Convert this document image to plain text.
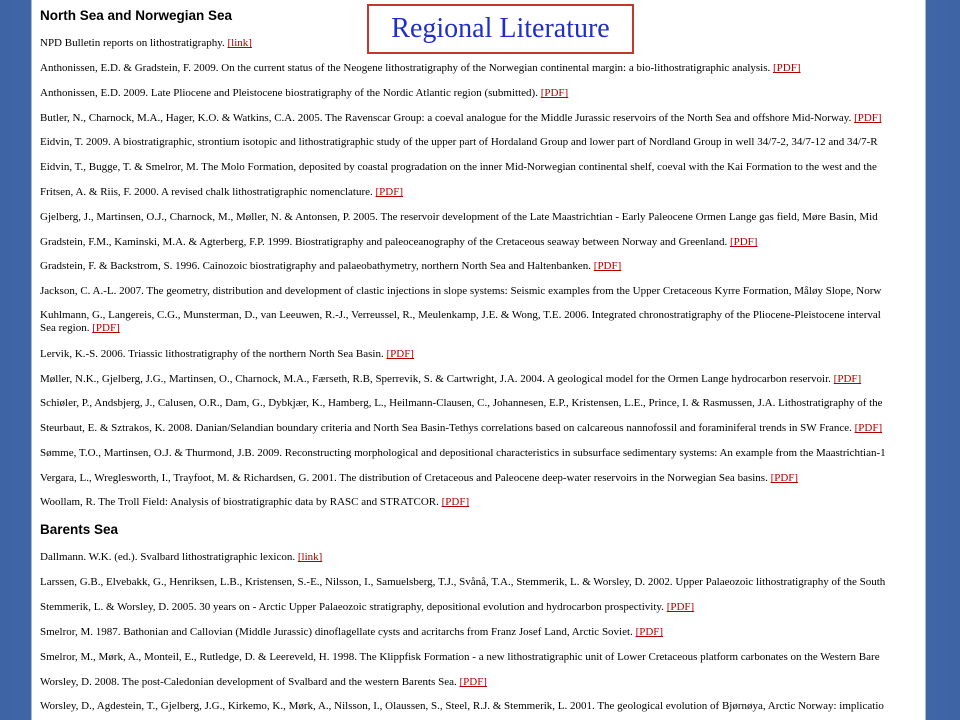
North Sea and Norwegian Sea
NPD Bulletin reports on lithostratigraphy. [link]
Anthonissen, E.D. & Gradstein, F. 2009. On the current status of the Neogene lithostratigraphy of the Norwegian continental margin: a bio-lithostratigraphic analysis. [PDF]
Anthonissen, E.D. 2009. Late Pliocene and Pleistocene biostratigraphy of the Nordic Atlantic region (submitted). [PDF]
Butler, N., Charnock, M.A., Hager, K.O. & Watkins, C.A. 2005. The Ravenscar Group: a coeval analogue for the Middle Jurassic reservoirs of the North Sea and offshore Mid-Norway. [PDF]
Eidvin, T. 2009. A biostratigraphic, strontium isotopic and lithostratigraphic study of the upper part of Hordaland Group and lower part of Nordland Group in well 34/7-2, 34/7-12 and 34/7-R
Eidvin, T., Bugge, T. & Smelror, M. The Molo Formation, deposited by coastal progradation on the inner Mid-Norwegian continental shelf, coeval with the Kai Formation to the west and the
Fritsen, A. & Riis, F. 2000. A revised chalk lithostratigraphic nomenclature. [PDF]
Gjelberg, J., Martinsen, O.J., Charnock, M., Møller, N. & Antonsen, P. 2005. The reservoir development of the Late Maastrichtian - Early Paleocene Ormen Lange gas field, Møre Basin, Mid
Gradstein, F.M., Kaminski, M.A. & Agterberg, F.P. 1999. Biostratigraphy and paleoceanography of the Cretaceous seaway between Norway and Greenland. [PDF]
Gradstein, F. & Backstrom, S. 1996. Cainozoic biostratigraphy and palaeobathymetry, northern North Sea and Haltenbanken. [PDF]
Jackson, C. A.-L. 2007. The geometry, distribution and development of clastic injections in slope systems: Seismic examples from the Upper Cretaceous Kyrre Formation, Måløy Slope, Norw
Kuhlmann, G., Langereis, C.G., Munsterman, D., van Leeuwen, R.-J., Verreussel, R., Meulenkamp, J.E. & Wong, T.E. 2006. Integrated chronostratigraphy of the Pliocene-Pleistocene interval
Sea region. [PDF]
Lervik, K.-S. 2006. Triassic lithostratigraphy of the northern North Sea Basin. [PDF]
Møller, N.K., Gjelberg, J.G., Martinsen, O., Charnock, M.A., Færseth, R.B, Sperrevik, S. & Cartwright, J.A. 2004. A geological model for the Ormen Lange hydrocarbon reservoir. [PDF]
Schiøler, P., Andsbjerg, J., Calusen, O.R., Dam, G., Dybkjær, K., Hamberg, L., Heilmann-Clausen, C., Johannesen, E.P., Kristensen, L.E., Prince, I. & Rasmussen, J.A. Lithostratigraphy of the
Steurbaut, E. & Sztrakos, K. 2008. Danian/Selandian boundary criteria and North Sea Basin-Tethys correlations based on calcareous nannofossil and foraminiferal trends in SW France. [PDF]
Sømme, T.O., Martinsen, O.J. & Thurmond, J.B. 2009. Reconstructing morphological and depositional characteristics in subsurface sedimentary systems: An example from the Maastrichtian-1
Vergara, L., Wreglesworth, I., Trayfoot, M. & Richardsen, G. 2001. The distribution of Cretaceous and Paleocene deep-water reservoirs in the Norwegian Sea basins. [PDF]
Woollam, R. The Troll Field: Analysis of biostratigraphic data by RASC and STRATCOR. [PDF]
Barents Sea
Dallmann. W.K. (ed.). Svalbard lithostratigraphic lexicon. [link]
Larssen, G.B., Elvebakk, G., Henriksen, L.B., Kristensen, S.-E., Nilsson, I., Samuelsberg, T.J., Svånå, T.A., Stemmerik, L. & Worsley, D. 2002. Upper Palaeozoic lithostratigraphy of the South
Stemmerik, L. & Worsley, D. 2005. 30 years on - Arctic Upper Palaeozoic stratigraphy, depositional evolution and hydrocarbon prospectivity. [PDF]
Smelror, M. 1987. Bathonian and Callovian (Middle Jurassic) dinoflagellate cysts and acritarchs from Franz Josef Land, Arctic Soviet. [PDF]
Smelror, M., Mørk, A., Monteil, E., Rutledge, D. & Leereveld, H. 1998. The Klippfisk Formation - a new lithostratigraphic unit of Lower Cretaceous platform carbonates on the Western Bare
Worsley, D. 2008. The post-Caledonian development of Svalbard and the western Barents Sea. [PDF]
Worsley, D., Agdestein, T., Gjelberg, J.G., Kirkemo, K., Mørk, A., Nilsson, I., Olaussen, S., Steel, R.J. & Stemmerik, L. 2001. The geological evolution of Bjørnøya, Arctic Norway: implicatio
Regional Literature
